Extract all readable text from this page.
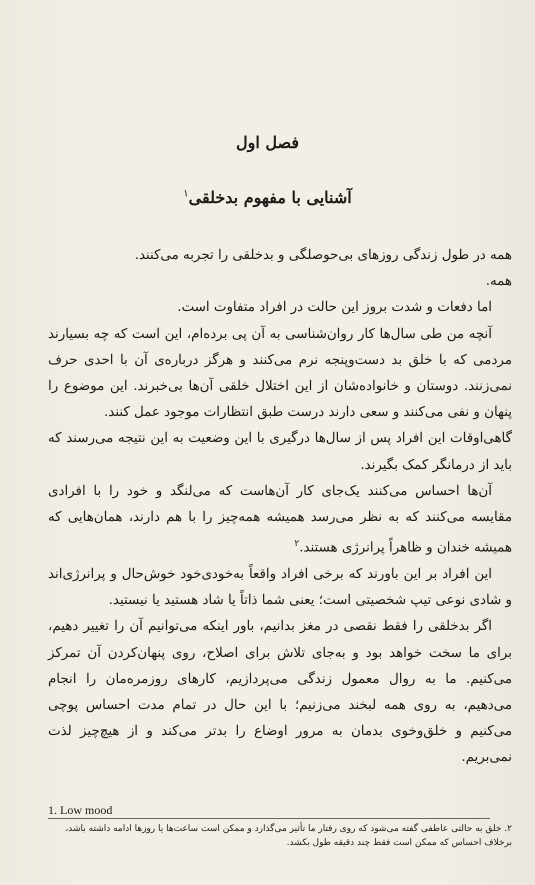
فصل اول
آشنایی با مفهوم بدخلقی$^۱$

همه در طول زندگی روزهای بی‌حوصلگی و بدخلقی را تجربه می‌کنند.

همه.

اما دفعات و شدت بروز این حالت در افراد متفاوت است.

آنچه من طی سال‌ها کار روان‌شناسی به آن پی بردەام، این است که چه بسیارند مردمی که با خلق بد دست‌وپنجه نرم می‌کنند و هرگز درباره‌ی آن با احدی حرف نمی‌زنند. دوستان و خانواده‌شان از این اختلال خلقی آن‌ها بی‌خبرند. این موضوع را پنهان و نفی می‌کنند و سعی دارند درست طبق انتظارات موجود عمل کنند.

گاهی‌اوقات این افراد پس از سال‌ها درگیری با این وضعیت به این نتیجه می‌رسند که باید از درمانگر کمک بگیرند.

آن‌ها احساس می‌کنند یک‌جای کار آن‌هاست که می‌لنگد و خود را با افرادی مقایسه می‌کنند که به نظر می‌رسد همیشه همه‌چیز را با هم دارند، همان‌هایی که همیشه خندان و ظاهراً پرانرژی هستند.$^۲$

این افراد بر این باورند که برخی افراد واقعاً به‌خودی‌خود خوش‌حال و پرانرژی‌اند و شادی نوعی تیپ شخصیتی است؛ یعنی شما ذاتاً یا شاد هستید یا نیستید.

اگر بدخلقی را فقط نقصی در مغز بدانیم، باور اینکه می‌توانیم آن را تغییر دهیم، برای ما سخت خواهد بود و به‌جای تلاش برای اصلاح، روی پنهان‌کردن آن تمرکز می‌کنیم. ما به روال معمول زندگی می‌پردازیم، کارهای روزمره‌مان را انجام می‌دهیم، به روی همه لبخند می‌زنیم؛ با این حال در تمام مدت احساس پوچی می‌کنیم و خلق‌وخوی بدمان به مرور اوضاع را بدتر می‌کند و از هیچ‌چیز لذت نمی‌بریم.

1. Low mood
۲. خلق به حالتی عاطفی گفته می‌شود که روی رفتار ما تأثیر می‌گذارد و ممکن است ساعت‌ها یا روزها ادامه داشته باشد، برخلاف احساس که ممکن است فقط چند دقیقه طول بکشد.
